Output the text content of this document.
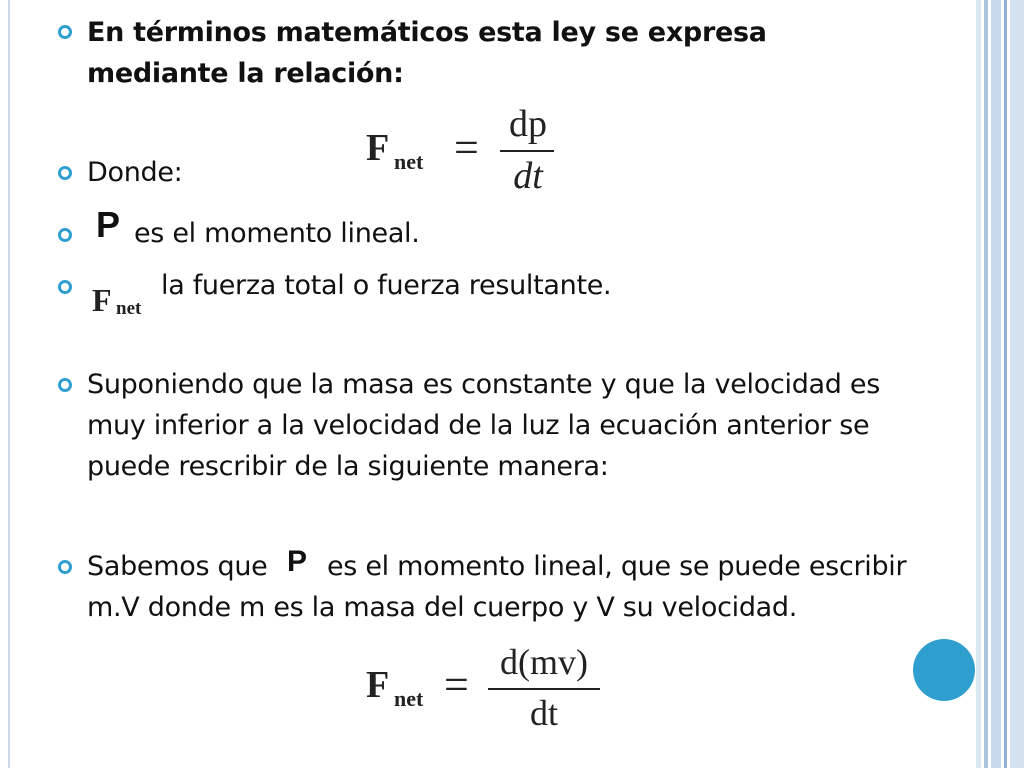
En términos matemáticos esta ley se expresa
mediante la relación:
F net = dp
dt
Donde:
P es el momento lineal.
F net
la fuerza total o fuerza resultante.
Suponiendo que la masa es constante y que la velocidad es
muy inferior a la velocidad de la luz la ecuación anterior se
puede rescribir de la siguiente manera:
Sabemos que P es el momento lineal, que se puede escribir
m.V donde m es la masa del cuerpo y V su velocidad.
F net = d(mv)
dt
